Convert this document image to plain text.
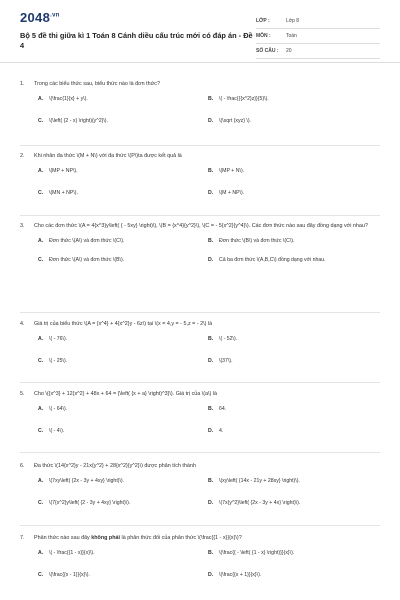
$2048^{.vn}$
Bộ 5 đề thi giữa kì 1 Toán 8 Cánh diều cấu trúc mới có đáp án - Đề 4
LỚP :	Lớp 8
MÔN :	Toán
SỐ CÂU :	20
1.	Trong các biểu thức sau, biểu thức nào là đơn thức?
A.	\(\frac{1}{x} + y\).	B.	\( - \frac{{{x^2}z}}{5}\).
C.	\(\left( {2 - x} \right){y^2}\).	D.	\(\sqrt {xyz} \).
2.	Khi nhân đa thức \(M + N\) với đa thức \(P\)ta được kết quả là
A.	\(MP + NP\).	B.	\(MP + N\).
C.	\(MN + NP\).	D.	\(M + NP\).
3.	Cho các đơn thức \(A = 4{x^3}y\left( { - 5xy} \right)\), \(B = {x^4}{y^2}\), \(C = - 5{x^2}{y^4}\). Các đơn thức nào sau đây đồng dạng với nhau?
A.	Đơn thức \(A\) và đơn thức \(C\).	B.	Đơn thức \(B\) và đơn thức \(C\).
C.	Đơn thức \(A\) và đơn thức \(B\).	D.	Cả ba đơn thức \(A,B,C\) đồng dạng với nhau.
4.	Giá trị của biểu thức \(A = {x^4} + 4{x^2}y - 6z\) tại \(x = 4,y = - 5,z = - 2\) là
A.	\( - 76\).	B.	\( - 52\).
C.	\( - 25\).	D.	\(37\).
5.	Cho \({x^3} + 12{x^2} + 48x + 64 = {\left( {x + a} \right)^3}\). Giá trị của \(a\) là
A.	\( - 64\).	B.	64.
C.	\( - 4\).	D.	4.
6.	Đa thức \(14{x^2}y - 21x{y^2} + 28{x^2}{y^2}\) được phân tích thành
A.	\(7xy\left( {2x - 3y + 4xy} \right)\).	B.	\(xy\left( {14x - 21y + 28xy} \right)\).
C.	\(7{x^2}y\left( {2 - 3y + 4xy} \right)\).	D.	\(7x{y^2}\left( {2x - 3y + 4x} \right)\).
7.	Phân thức nào sau đây không phải là phân thức đối của phân thức \(\frac{{1 - x}}{x}\)?
A.	\( - \frac{{1 - x}}{x}\).	B.	\(\frac{{ - \left( {1 - x} \right)}}{x}\).
C.	\(\frac{{x - 1}}{x}\).	D.	\(\frac{{x + 1}}{x}\).
